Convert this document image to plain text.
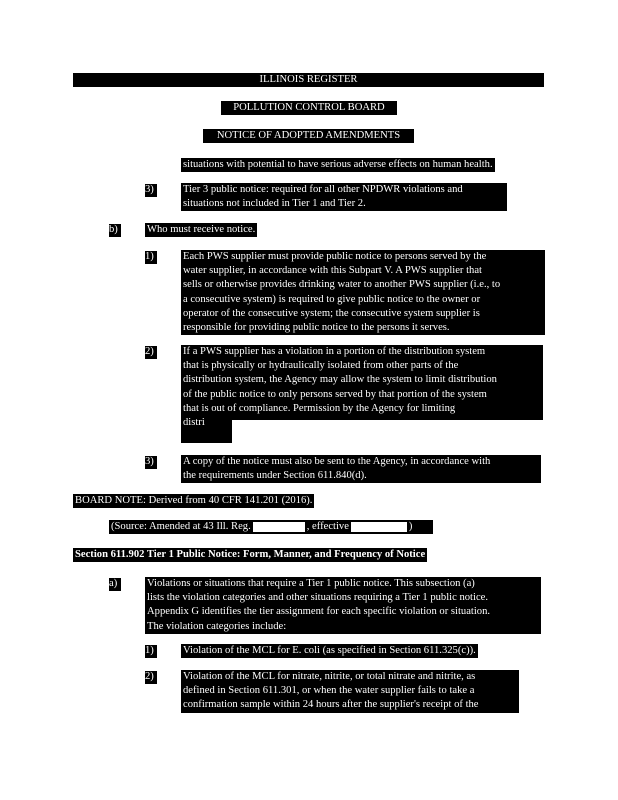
ILLINOIS REGISTER
POLLUTION CONTROL BOARD
NOTICE OF ADOPTED AMENDMENTS
situations with potential to have serious adverse effects on human health.
3)	Tier 3 public notice: required for all other NPDWR violations and
situations not included in Tier 1 and Tier 2.
b)	Who must receive notice.
1)	Each PWS supplier must provide public notice to persons served by the
water supplier, in accordance with this Subpart V. A PWS supplier that
sells or otherwise provides drinking water to another PWS supplier (i.e., to
a consecutive system) is required to give public notice to the owner or
operator of the consecutive system; the consecutive system supplier is
responsible for providing public notice to the persons it serves.
2)	If a PWS supplier has a violation in a portion of the distribution system
that is physically or hydraulically isolated from other parts of the
distribution system, the Agency may allow the system to limit distribution
of the public notice to only persons served by that portion of the system
that is out of compliance. Permission by the Agency for limiting
distri
3)	A copy of the notice must also be sent to the Agency, in accordance with
the requirements under Section 611.840(d).
BOARD NOTE: Derived from 40 CFR 141.201 (2016).
(Source: Amended at 43 Ill. Reg.	, effective	)
Section 611.902 Tier 1 Public Notice: Form, Manner, and Frequency of Notice
a)	Violations or situations that require a Tier 1 public notice. This subsection (a)
lists the violation categories and other situations requiring a Tier 1 public notice.
Appendix G identifies the tier assignment for each specific violation or situation.
The violation categories include:
1)	Violation of the MCL for E. coli (as specified in Section 611.325(c)).
2)	Violation of the MCL for nitrate, nitrite, or total nitrate and nitrite, as
defined in Section 611.301, or when the water supplier fails to take a
confirmation sample within 24 hours after the supplier's receipt of the
